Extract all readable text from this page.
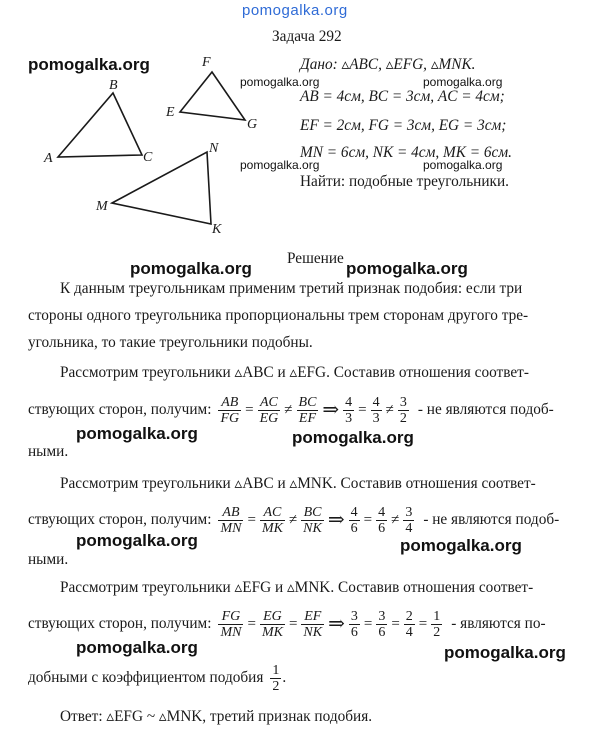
pomogalka.org
Задача 292
A
B
C
E
F
G
M
N
K
pomogalka.org
pomogalka.org	pomogalka.org
pomogalka.org	pomogalka.org
Дано: ▵ABC, ▵EFG, ▵MNK.
AB = 4см, BC = 3см, AC = 4см;
EF = 2см, FG = 3см, EG = 3см;
MN = 6см, NK = 4см, MK = 6см.
Найти: подобные треугольники.
Решение
pomogalka.org	pomogalka.org
К данным треугольникам применим третий признак подобия: если три
стороны одного треугольника пропорциональны трем сторонам другого тре-
угольника, то такие треугольники подобны.
Рассмотрим треугольники ▵ABC и ▵EFG. Составив отношения соответ-
ствующих сторон, получим: $\frac{AB}{FG} = \frac{AC}{EG}$ ≠ BC
EF ⇒ $\frac{4}{3} = \frac{4}{3} \ne 3$
2 - не являются подоб-
pomogalka.org	pomogalka.org
ными.
Рассмотрим треугольники ▵ABC и ▵MNK. Составив отношения соответ-
ствующих сторон, получим: $\frac{AB}{MN} = \frac{AC}{MK}$ ≠ BC
NK ⇒ $\frac{4}{6} = \frac{4}{6} \ne 3$
4 - не являются подоб-
pomogalka.org	pomogalka.org
ными.
Рассмотрим треугольники ▵EFG и ▵MNK. Составив отношения соответ-
ствующих сторон, получим: $\frac{FG}{MN} = \frac{EG}{MK} = \frac{EF}{NK}$ ⇒ $\frac{3}{6} = \frac{3}{6} = \frac{2}{4} = \frac{1}{2}$ - являются по-
pomogalka.org	pomogalka.org
добными с коэффициентом подобия 1
2 .
Ответ: ▵EFG ~ ▵MNK, третий признак подобия.
